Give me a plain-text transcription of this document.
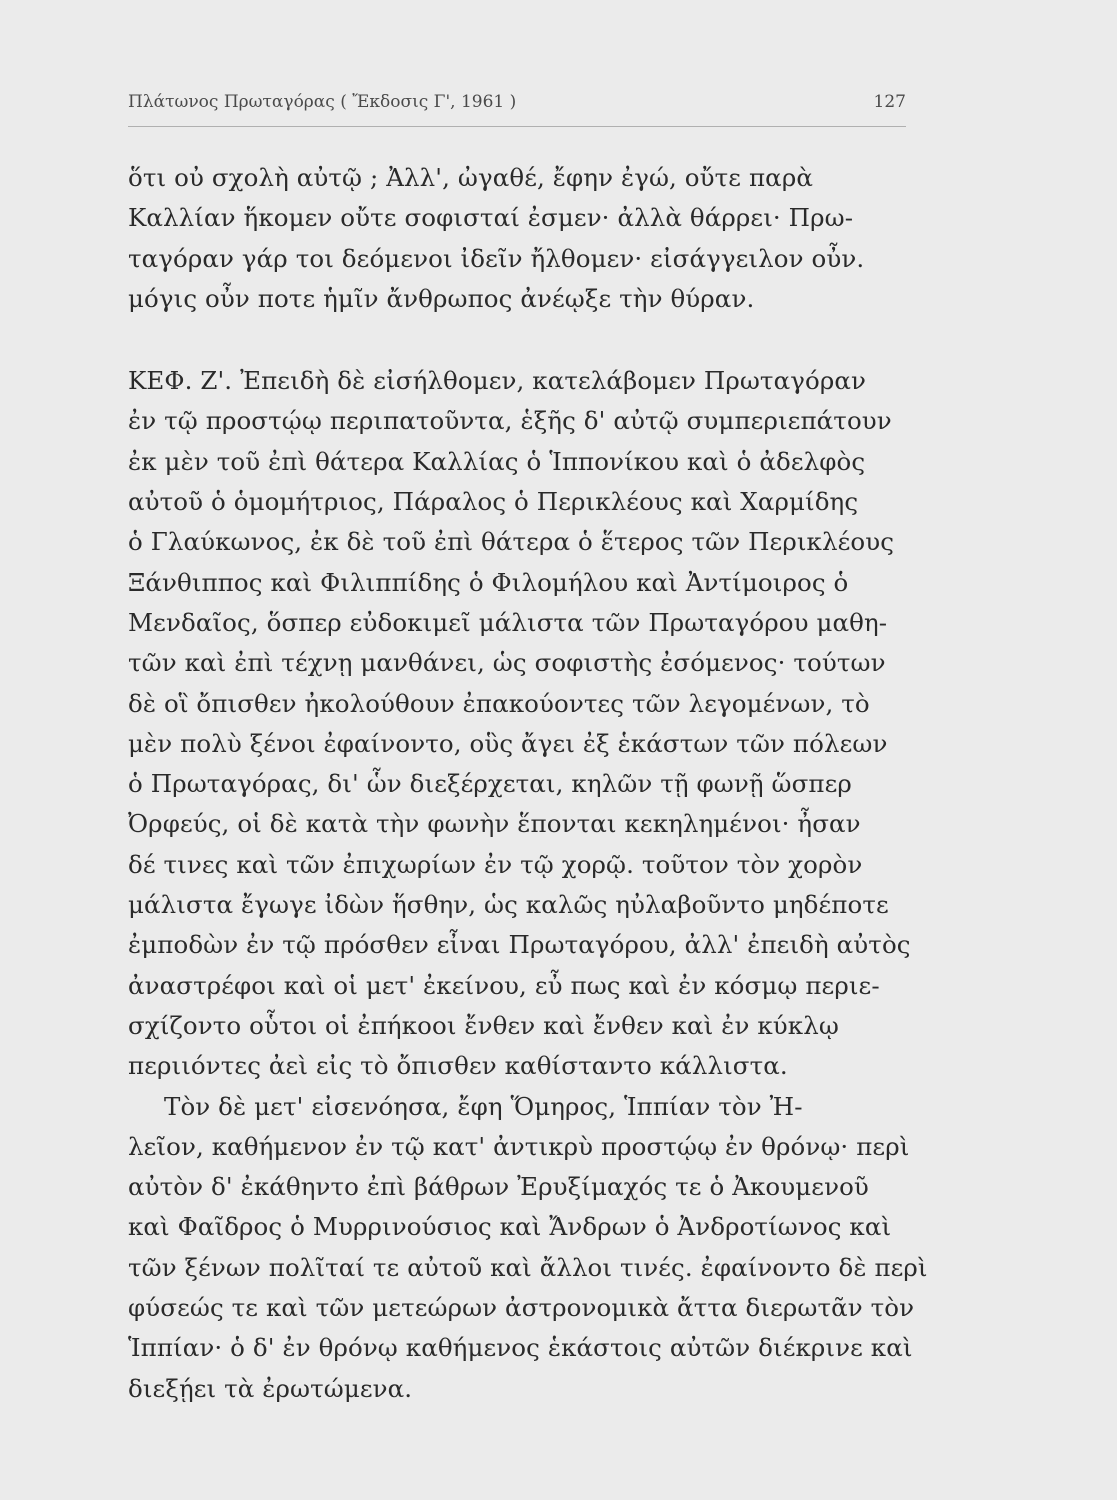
Πλάτωνος Πρωταγόρας ( Ἔκδοσις Γ', 1961 )	127
ὅτι οὐ σχολὴ αὐτῷ ; Ἀλλ', ὠγαθέ, ἔφην ἐγώ, οὔτε παρὰ
Καλλίαν ἥκομεν οὔτε σοφισταί ἐσμεν· ἀλλὰ θάρρει· Πρω-
ταγόραν γάρ τοι δεόμενοι ἰδεῖν ἤλθομεν· εἰσάγγειλον οὖν.
μόγις οὖν ποτε ἡμῖν ἄνθρωπος ἀνέῳξε τὴν θύραν.
ΚΕΦ. Ζ'. Ἐπειδὴ δὲ εἰσήλθομεν, κατελάβομεν Πρωταγόραν
ἐν τῷ προστῴῳ περιπατοῦντα, ἑξῆς δ' αὐτῷ συμπεριεπάτουν
ἐκ μὲν τοῦ ἐπὶ θάτερα Καλλίας ὁ Ἱππονίκου καὶ ὁ ἀδελφὸς
αὐτοῦ ὁ ὁμομήτριος, Πάραλος ὁ Περικλέους καὶ Χαρμίδης
ὁ Γλαύκωνος, ἐκ δὲ τοῦ ἐπὶ θάτερα ὁ ἕτερος τῶν Περικλέους
Ξάνθιππος καὶ Φιλιππίδης ὁ Φιλομήλου καὶ Ἀντίμοιρος ὁ
Μενδαῖος, ὅσπερ εὐδοκιμεῖ μάλιστα τῶν Πρωταγόρου μαθη-
τῶν καὶ ἐπὶ τέχνῃ μανθάνει, ὡς σοφιστὴς ἐσόμενος· τούτων
δὲ οἳ ὄπισθεν ἠκολούθουν ἐπακούοντες τῶν λεγομένων, τὸ
μὲν πολὺ ξένοι ἐφαίνοντο, οὓς ἄγει ἐξ ἑκάστων τῶν πόλεων
ὁ Πρωταγόρας, δι' ὧν διεξέρχεται, κηλῶν τῇ φωνῇ ὥσπερ
Ὀρφεύς, οἱ δὲ κατὰ τὴν φωνὴν ἕπονται κεκηλημένοι· ἦσαν
δέ τινες καὶ τῶν ἐπιχωρίων ἐν τῷ χορῷ. τοῦτον τὸν χορὸν
μάλιστα ἔγωγε ἰδὼν ἥσθην, ὡς καλῶς ηὐλαβοῦντο μηδέποτε
ἐμποδὼν ἐν τῷ πρόσθεν εἶναι Πρωταγόρου, ἀλλ' ἐπειδὴ αὐτὸς
ἀναστρέφοι καὶ οἱ μετ' ἐκείνου, εὖ πως καὶ ἐν κόσμῳ περιε-
σχίζοντο οὗτοι οἱ ἐπήκοοι ἔνθεν καὶ ἔνθεν καὶ ἐν κύκλῳ
περιιόντες ἀεὶ εἰς τὸ ὄπισθεν καθίσταντο κάλλιστα.
Τὸν δὲ μετ' εἰσενόησα, ἔφη Ὅμηρος, Ἱππίαν τὸν Ἠ-
λεῖον, καθήμενον ἐν τῷ κατ' ἀντικρὺ προστῴῳ ἐν θρόνῳ· περὶ
αὐτὸν δ' ἐκάθηντο ἐπὶ βάθρων Ἐρυξίμαχός τε ὁ Ἀκουμενοῦ
καὶ Φαῖδρος ὁ Μυρρινούσιος καὶ Ἄνδρων ὁ Ἀνδροτίωνος καὶ
τῶν ξένων πολῖταί τε αὐτοῦ καὶ ἄλλοι τινές. ἐφαίνοντο δὲ περὶ
φύσεώς τε καὶ τῶν μετεώρων ἀστρονομικὰ ἄττα διερωτᾶν τὸν
Ἱππίαν· ὁ δ' ἐν θρόνῳ καθήμενος ἑκάστοις αὐτῶν διέκρινε καὶ
διεξῄει τὰ ἐρωτώμενα.
